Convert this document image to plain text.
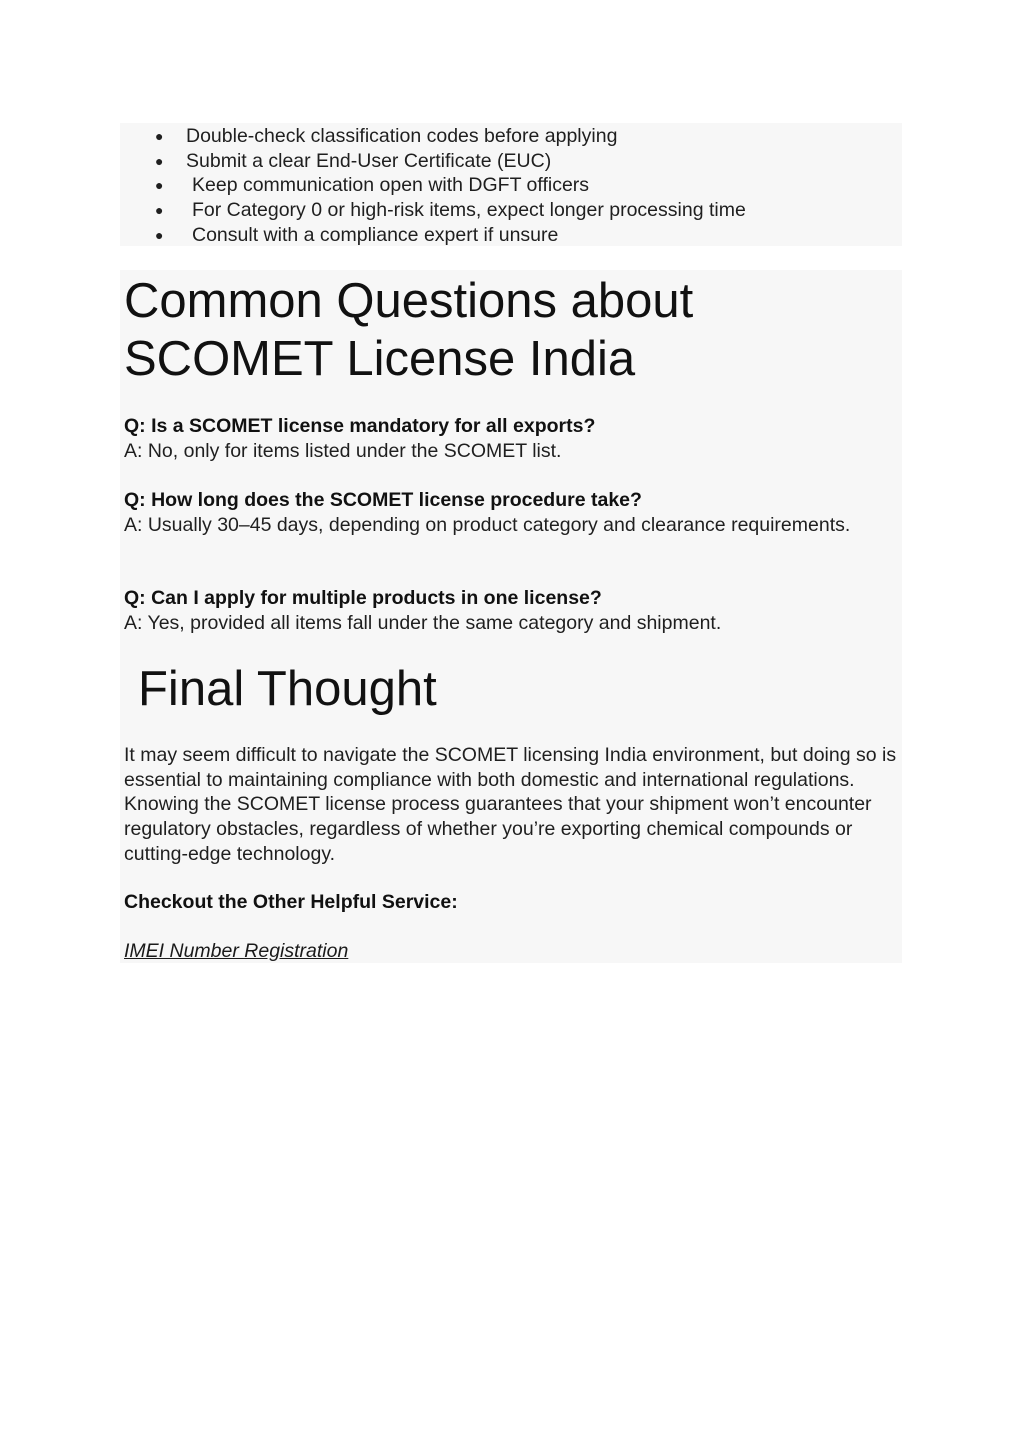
● Double-check classification codes before applying
● Submit a clear End-User Certificate (EUC)
● Keep communication open with DGFT officers
● For Category 0 or high-risk items, expect longer processing time
● Consult with a compliance expert if unsure
Common Questions about SCOMET License India
Q: Is a SCOMET license mandatory for all exports?
A: No, only for items listed under the SCOMET list.
Q: How long does the SCOMET license procedure take?
A: Usually 30–45 days, depending on product category and clearance requirements.
Q: Can I apply for multiple products in one license?
A: Yes, provided all items fall under the same category and shipment.
Final Thought

It may seem difficult to navigate the SCOMET licensing India environment, but doing so is essential to maintaining compliance with both domestic and international regulations. Knowing the SCOMET license process guarantees that your shipment won’t encounter regulatory obstacles, regardless of whether you’re exporting chemical compounds or cutting-edge technology.

Checkout the Other Helpful Service:

IMEI Number Registration
